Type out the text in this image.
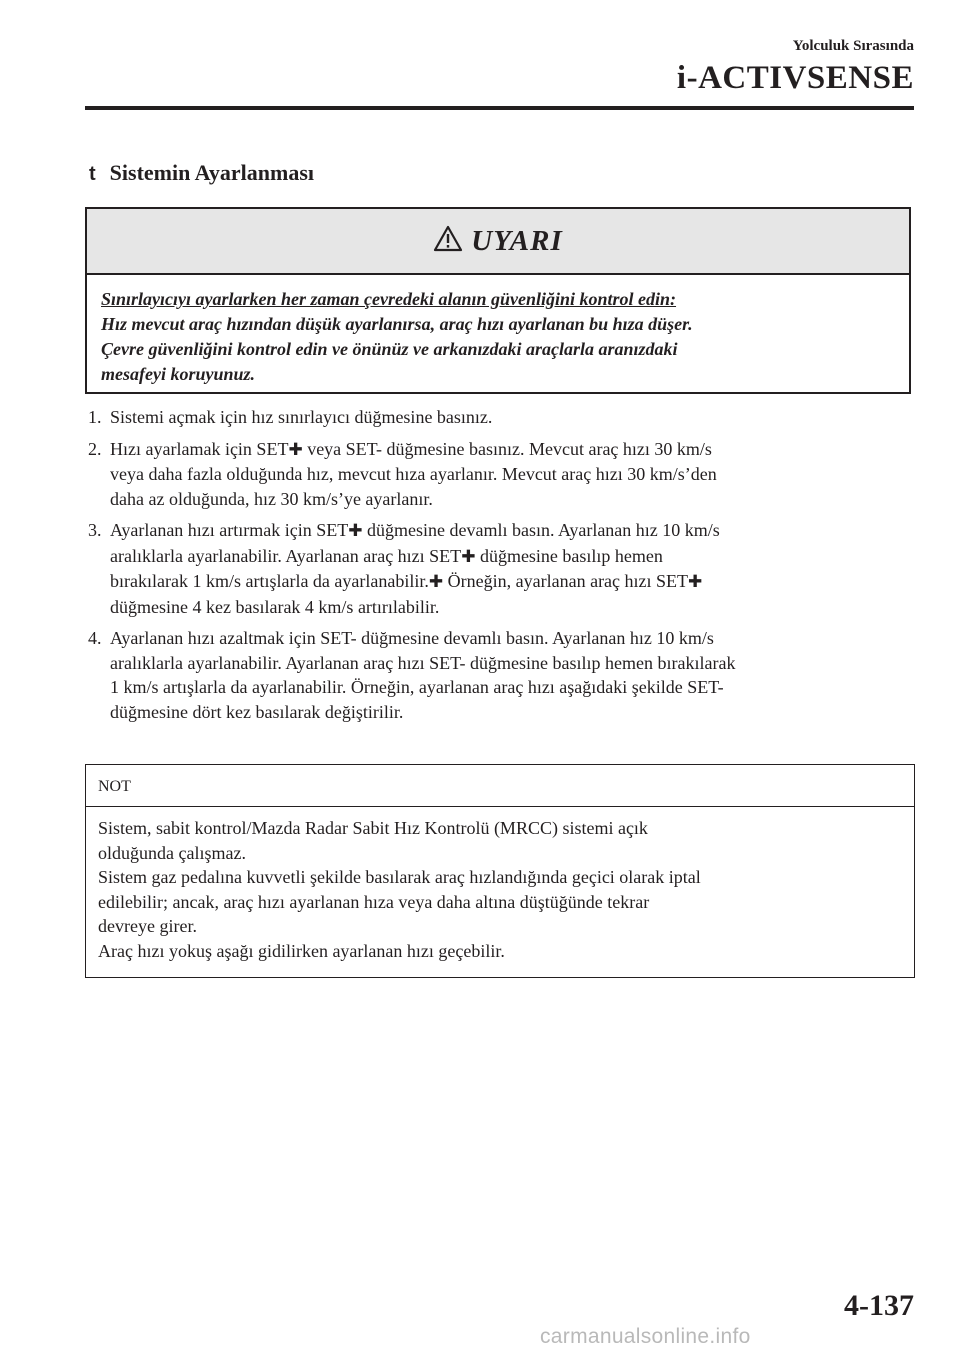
Yolculuk Sırasında
i-ACTIVSENSE
t Sistemin Ayarlanması
UYARI
Sınırlayıcıyı ayarlarken her zaman çevredeki alanın güvenliğini kontrol edin:
Hız mevcut araç hızından düşük ayarlanırsa, araç hızı ayarlanan bu hıza düşer.
Çevre güvenliğini kontrol edin ve önünüz ve arkanızdaki araçlarla aranızdaki
mesafeyi koruyunuz.
1. Sistemi açmak için hız sınırlayıcı düğmesine basınız.
2. Hızı ayarlamak için SET✚ veya SET- düğmesine basınız. Mevcut araç hızı 30 km/s
veya daha fazla olduğunda hız, mevcut hıza ayarlanır. Mevcut araç hızı 30 km/s’den
daha az olduğunda, hız 30 km/s’ye ayarlanır.
3. Ayarlanan hızı artırmak için SET✚ düğmesine devamlı basın. Ayarlanan hız 10 km/s
aralıklarla ayarlanabilir. Ayarlanan araç hızı SET✚ düğmesine basılıp hemen
bırakılarak 1 km/s artışlarla da ayarlanabilir.✚ Örneğin, ayarlanan araç hızı SET✚
düğmesine 4 kez basılarak 4 km/s artırılabilir.
4. Ayarlanan hızı azaltmak için SET- düğmesine devamlı basın. Ayarlanan hız 10 km/s
aralıklarla ayarlanabilir. Ayarlanan araç hızı SET- düğmesine basılıp hemen bırakılarak
1 km/s artışlarla da ayarlanabilir. Örneğin, ayarlanan araç hızı aşağıdaki şekilde SET-
düğmesine dört kez basılarak değiştirilir.
NOT
Sistem, sabit kontrol/Mazda Radar Sabit Hız Kontrolü (MRCC) sistemi açık
olduğunda çalışmaz.
Sistem gaz pedalına kuvvetli şekilde basılarak araç hızlandığında geçici olarak iptal
edilebilir; ancak, araç hızı ayarlanan hıza veya daha altına düştüğünde tekrar
devreye girer.
Araç hızı yokuş aşağı gidilirken ayarlanan hızı geçebilir.
4-137
carmanualsonline.info
